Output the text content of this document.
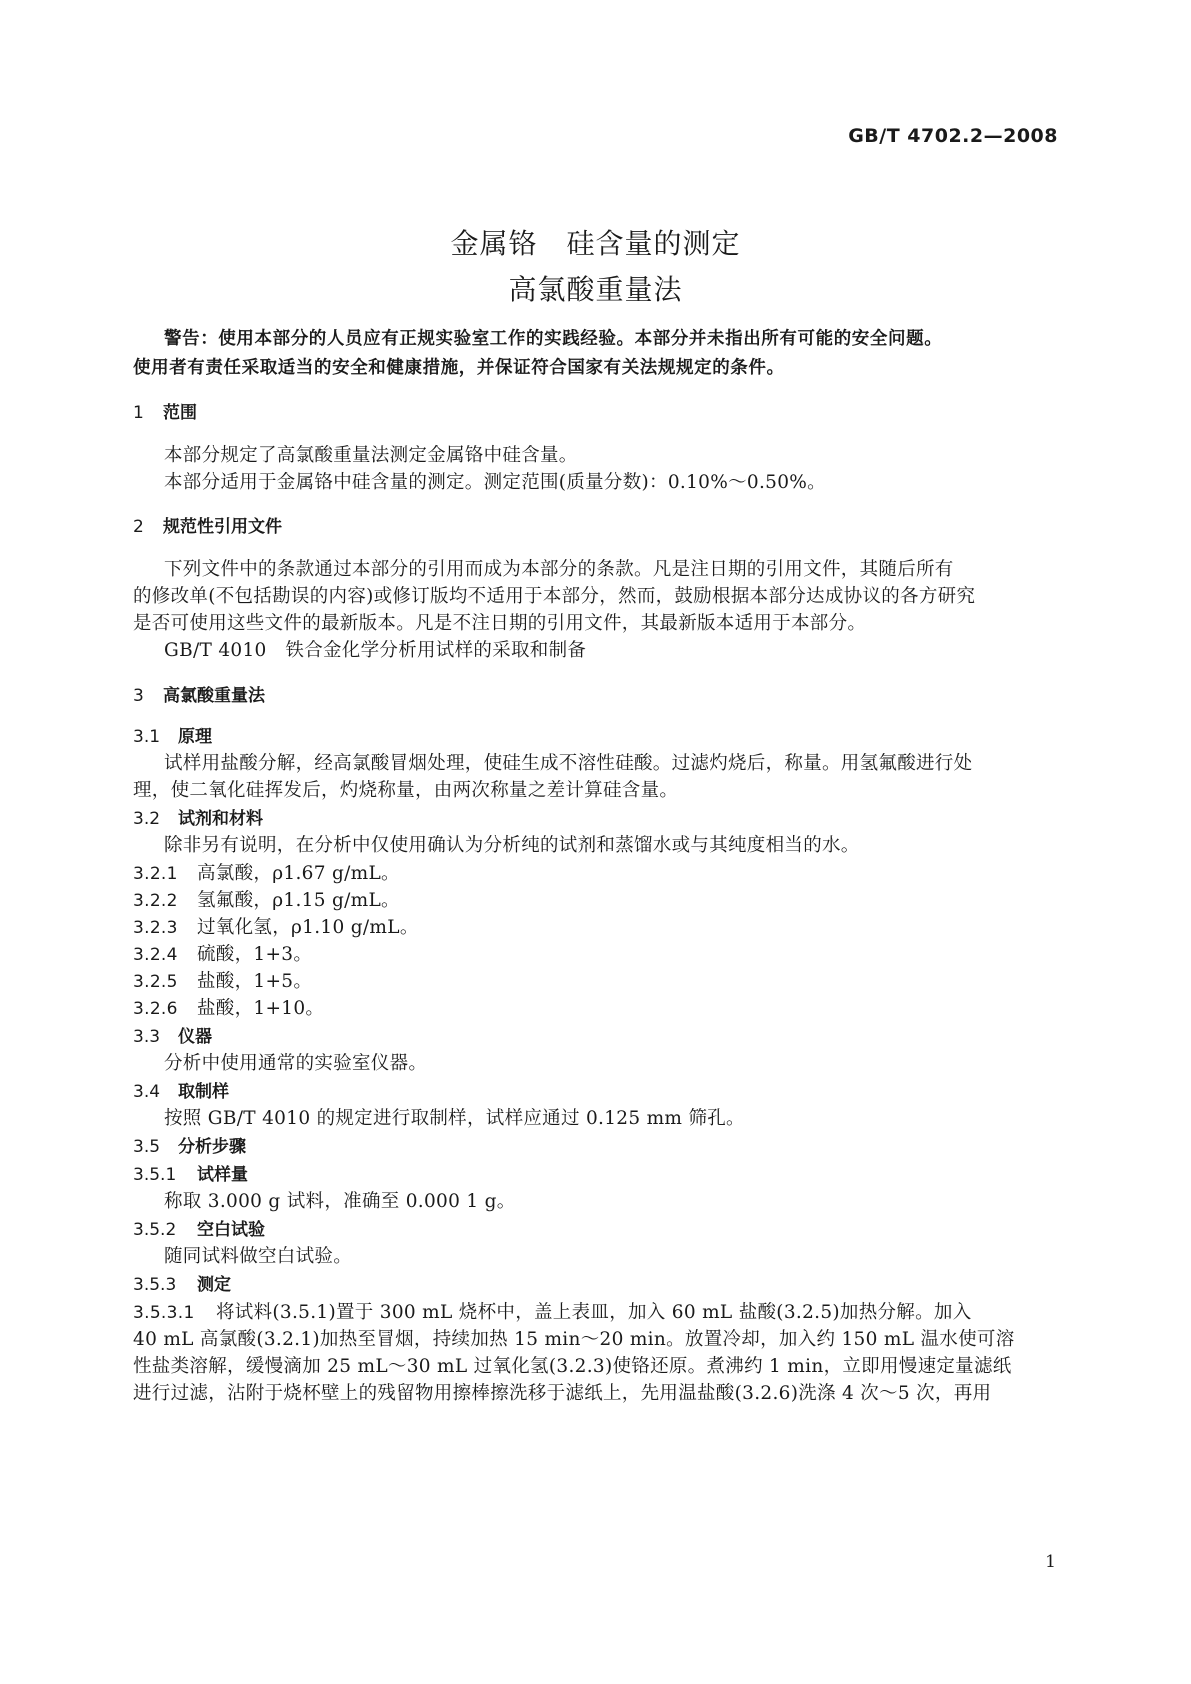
GB/T 4702.2—2008
金属铬　硅含量的测定
高氯酸重量法
警告：使用本部分的人员应有正规实验室工作的实践经验。本部分并未指出所有可能的安全问题。
使用者有责任采取适当的安全和健康措施，并保证符合国家有关法规规定的条件。
1 范围
本部分规定了高氯酸重量法测定金属铬中硅含量。
本部分适用于金属铬中硅含量的测定。测定范围(质量分数)：0.10%～0.50%。
2 规范性引用文件
下列文件中的条款通过本部分的引用而成为本部分的条款。凡是注日期的引用文件，其随后所有
的修改单(不包括勘误的内容)或修订版均不适用于本部分，然而，鼓励根据本部分达成协议的各方研究
是否可使用这些文件的最新版本。凡是不注日期的引用文件，其最新版本适用于本部分。
GB/T 4010　铁合金化学分析用试样的采取和制备
3 高氯酸重量法
3.1 原理
试样用盐酸分解，经高氯酸冒烟处理，使硅生成不溶性硅酸。过滤灼烧后，称量。用氢氟酸进行处
理，使二氧化硅挥发后，灼烧称量，由两次称量之差计算硅含量。
3.2 试剂和材料
除非另有说明，在分析中仅使用确认为分析纯的试剂和蒸馏水或与其纯度相当的水。
3.2.1 高氯酸，ρ1.67 g/mL。
3.2.2 氢氟酸，ρ1.15 g/mL。
3.2.3 过氧化氢，ρ1.10 g/mL。
3.2.4 硫酸，1+3。
3.2.5 盐酸，1+5。
3.2.6 盐酸，1+10。
3.3 仪器
分析中使用通常的实验室仪器。
3.4 取制样
按照 GB/T 4010 的规定进行取制样，试样应通过 0.125 mm 筛孔。
3.5 分析步骤
3.5.1 试样量
称取 3.000 g 试料，准确至 0.000 1 g。
3.5.2 空白试验
随同试料做空白试验。
3.5.3 测定
3.5.3.1 将试料(3.5.1)置于 300 mL 烧杯中，盖上表皿，加入 60 mL 盐酸(3.2.5)加热分解。加入
40 mL 高氯酸(3.2.1)加热至冒烟，持续加热 15 min～20 min。放置冷却，加入约 150 mL 温水使可溶
性盐类溶解，缓慢滴加 25 mL～30 mL 过氧化氢(3.2.3)使铬还原。煮沸约 1 min，立即用慢速定量滤纸
进行过滤，沾附于烧杯壁上的残留物用擦棒擦洗移于滤纸上，先用温盐酸(3.2.6)洗涤 4 次～5 次，再用
1
